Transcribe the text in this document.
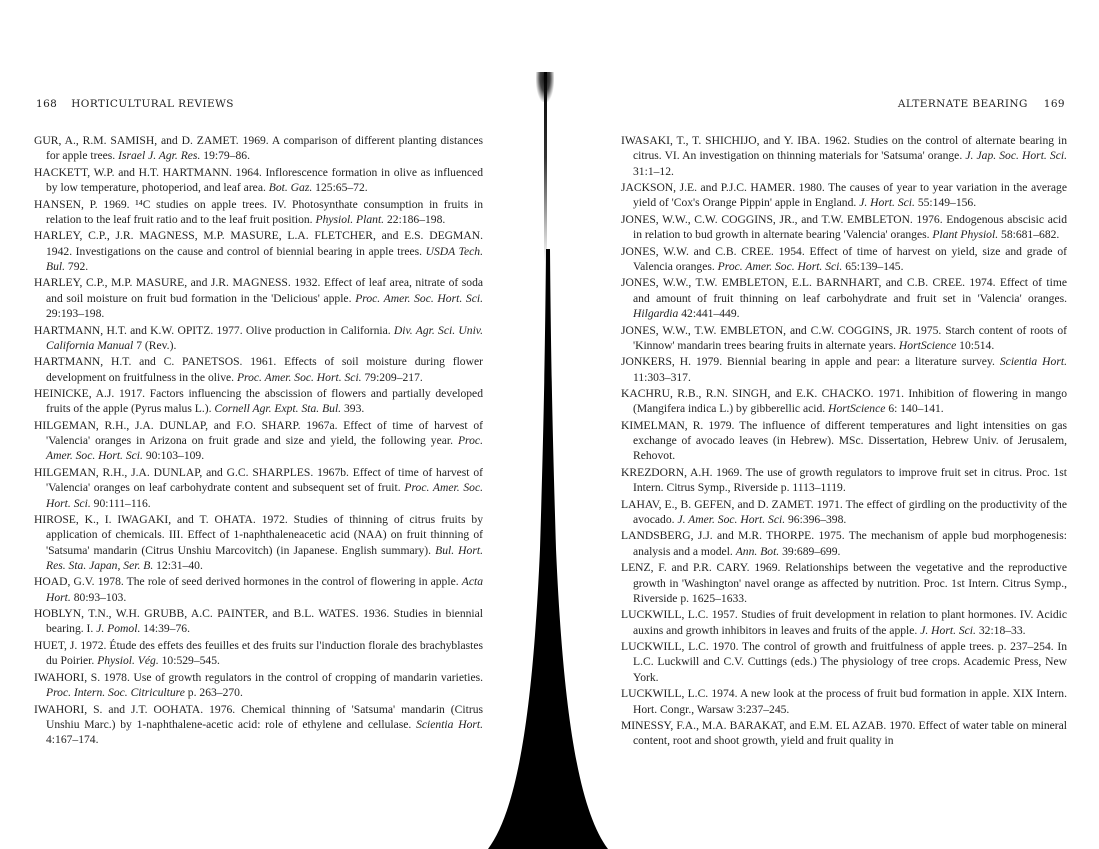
168 HORTICULTURAL REVIEWS
GUR, A., R.M. SAMISH, and D. ZAMET. 1969. A comparison of different planting distances for apple trees. Israel J. Agr. Res. 19:79–86.
HACKETT, W.P. and H.T. HARTMANN. 1964. Inflorescence formation in olive as influenced by low temperature, photoperiod, and leaf area. Bot. Gaz. 125:65–72.
HANSEN, P. 1969. ¹⁴C studies on apple trees. IV. Photosynthate consumption in fruits in relation to the leaf fruit ratio and to the leaf fruit position. Physiol. Plant. 22:186–198.
HARLEY, C.P., J.R. MAGNESS, M.P. MASURE, L.A. FLETCHER, and E.S. DEGMAN. 1942. Investigations on the cause and control of biennial bearing in apple trees. USDA Tech. Bul. 792.
HARLEY, C.P., M.P. MASURE, and J.R. MAGNESS. 1932. Effect of leaf area, nitrate of soda and soil moisture on fruit bud formation in the 'Delicious' apple. Proc. Amer. Soc. Hort. Sci. 29:193–198.
HARTMANN, H.T. and K.W. OPITZ. 1977. Olive production in California. Div. Agr. Sci. Univ. California Manual 7 (Rev.).
HARTMANN, H.T. and C. PANETSOS. 1961. Effects of soil moisture during flower development on fruitfulness in the olive. Proc. Amer. Soc. Hort. Sci. 79:209–217.
HEINICKE, A.J. 1917. Factors influencing the abscission of flowers and partially developed fruits of the apple (Pyrus malus L.). Cornell Agr. Expt. Sta. Bul. 393.
HILGEMAN, R.H., J.A. DUNLAP, and F.O. SHARP. 1967a. Effect of time of harvest of 'Valencia' oranges in Arizona on fruit grade and size and yield, the following year. Proc. Amer. Soc. Hort. Sci. 90:103–109.
HILGEMAN, R.H., J.A. DUNLAP, and G.C. SHARPLES. 1967b. Effect of time of harvest of 'Valencia' oranges on leaf carbohydrate content and subsequent set of fruit. Proc. Amer. Soc. Hort. Sci. 90:111–116.
HIROSE, K., I. IWAGAKI, and T. OHATA. 1972. Studies of thinning of citrus fruits by application of chemicals. III. Effect of 1-naphthaleneacetic acid (NAA) on fruit thinning of 'Satsuma' mandarin (Citrus Unshiu Marcovitch) (in Japanese. English summary). Bul. Hort. Res. Sta. Japan, Ser. B. 12:31–40.
HOAD, G.V. 1978. The role of seed derived hormones in the control of flowering in apple. Acta Hort. 80:93–103.
HOBLYN, T.N., W.H. GRUBB, A.C. PAINTER, and B.L. WATES. 1936. Studies in biennial bearing. I. J. Pomol. 14:39–76.
HUET, J. 1972. Étude des effets des feuilles et des fruits sur l'induction florale des brachyblastes du Poirier. Physiol. Vég. 10:529–545.
IWAHORI, S. 1978. Use of growth regulators in the control of cropping of mandarin varieties. Proc. Intern. Soc. Citriculture p. 263–270.
IWAHORI, S. and J.T. OOHATA. 1976. Chemical thinning of 'Satsuma' mandarin (Citrus Unshiu Marc.) by 1-naphthalene-acetic acid: role of ethylene and cellulase. Scientia Hort. 4:167–174.
ALTERNATE BEARING 169
IWASAKI, T., T. SHICHIJO, and Y. IBA. 1962. Studies on the control of alternate bearing in citrus. VI. An investigation on thinning materials for 'Satsuma' orange. J. Jap. Soc. Hort. Sci. 31:1–12.
JACKSON, J.E. and P.J.C. HAMER. 1980. The causes of year to year variation in the average yield of 'Cox's Orange Pippin' apple in England. J. Hort. Sci. 55:149–156.
JONES, W.W., C.W. COGGINS, JR., and T.W. EMBLETON. 1976. Endogenous abscisic acid in relation to bud growth in alternate bearing 'Valencia' oranges. Plant Physiol. 58:681–682.
JONES, W.W. and C.B. CREE. 1954. Effect of time of harvest on yield, size and grade of Valencia oranges. Proc. Amer. Soc. Hort. Sci. 65:139–145.
JONES, W.W., T.W. EMBLETON, E.L. BARNHART, and C.B. CREE. 1974. Effect of time and amount of fruit thinning on leaf carbohydrate and fruit set in 'Valencia' oranges. Hilgardia 42:441–449.
JONES, W.W., T.W. EMBLETON, and C.W. COGGINS, JR. 1975. Starch content of roots of 'Kinnow' mandarin trees bearing fruits in alternate years. HortScience 10:514.
JONKERS, H. 1979. Biennial bearing in apple and pear: a literature survey. Scientia Hort. 11:303–317.
KACHRU, R.B., R.N. SINGH, and E.K. CHACKO. 1971. Inhibition of flowering in mango (Mangifera indica L.) by gibberellic acid. HortScience 6: 140–141.
KIMELMAN, R. 1979. The influence of different temperatures and light intensities on gas exchange of avocado leaves (in Hebrew). MSc. Dissertation, Hebrew Univ. of Jerusalem, Rehovot.
KREZDORN, A.H. 1969. The use of growth regulators to improve fruit set in citrus. Proc. 1st Intern. Citrus Symp., Riverside p. 1113–1119.
LAHAV, E., B. GEFEN, and D. ZAMET. 1971. The effect of girdling on the productivity of the avocado. J. Amer. Soc. Hort. Sci. 96:396–398.
LANDSBERG, J.J. and M.R. THORPE. 1975. The mechanism of apple bud morphogenesis: analysis and a model. Ann. Bot. 39:689–699.
LENZ, F. and P.R. CARY. 1969. Relationships between the vegetative and the reproductive growth in 'Washington' navel orange as affected by nutrition. Proc. 1st Intern. Citrus Symp., Riverside p. 1625–1633.
LUCKWILL, L.C. 1957. Studies of fruit development in relation to plant hormones. IV. Acidic auxins and growth inhibitors in leaves and fruits of the apple. J. Hort. Sci. 32:18–33.
LUCKWILL, L.C. 1970. The control of growth and fruitfulness of apple trees. p. 237–254. In L.C. Luckwill and C.V. Cuttings (eds.) The physiology of tree crops. Academic Press, New York.
LUCKWILL, L.C. 1974. A new look at the process of fruit bud formation in apple. XIX Intern. Hort. Congr., Warsaw 3:237–245.
MINESSY, F.A., M.A. BARAKAT, and E.M. EL AZAB. 1970. Effect of water table on mineral content, root and shoot growth, yield and fruit quality in
